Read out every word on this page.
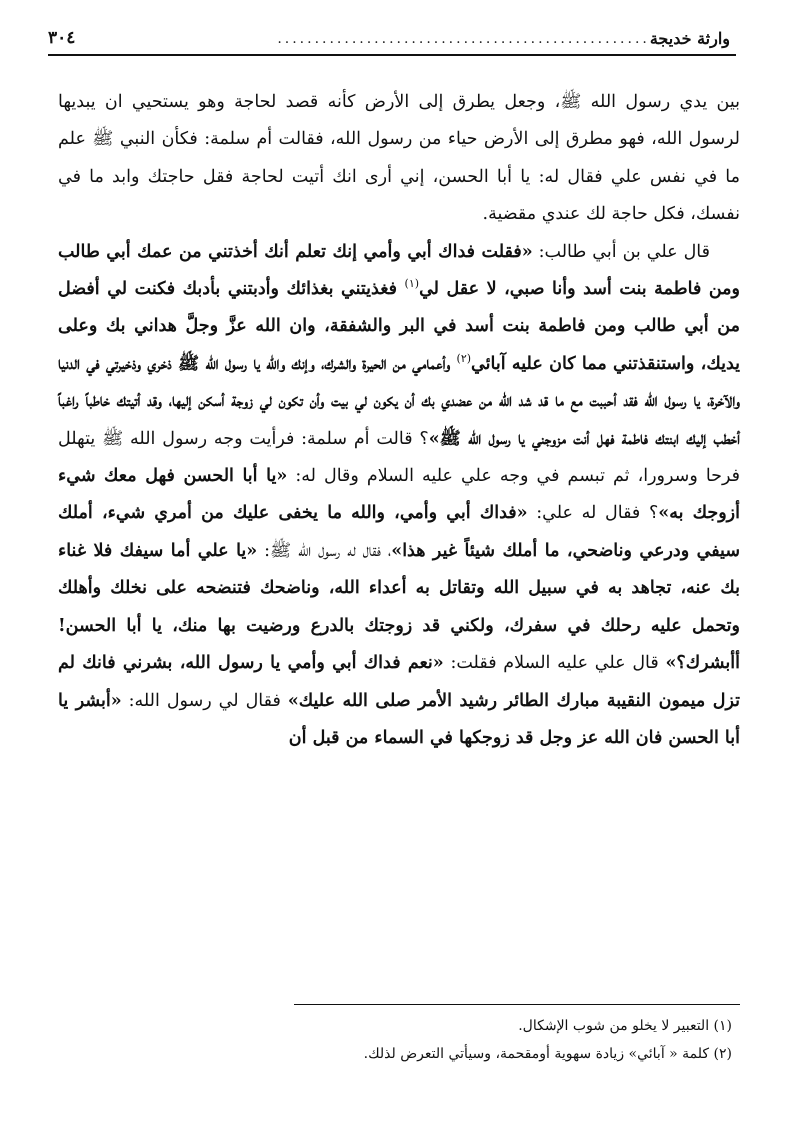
وارثة خديجة
..................................................
٣٠٤

بين يدي رسول الله ﷺ، وجعل يطرق إلى الأرض كأنه قصد لحاجة وهو يستحيي ان يبديها لرسول الله، فهو مطرق إلى الأرض حياء من رسول الله، فقالت أم سلمة: فكأن النبي ﷺ علم ما في نفس علي فقال له: يا أبا الحسن، إني أرى انك أتيت لحاجة فقل حاجتك وابد ما في نفسك، فكل حاجة لك عندي مقضية.

قال علي بن أبي طالب: «فقلت فداك أبي وأمي إنك تعلم أنك أخذتني من عمك أبي طالب ومن فاطمة بنت أسد وأنا صبي، لا عقل لي$^{(١)}$ فغذيتني بغذائك وأدبتني بأدبك فكنت لي أفضل من أبي طالب ومن فاطمة بنت أسد في البر والشفقة، وان الله عزَّ وجلَّ هداني بك وعلى يديك، واستنقذتني مما كان عليه آبائي$^{(٢)}$ وأعمامي من الحيرة والشرك، وإنك والله يا رسول الله ﷺ ذخري وذخيرتي في الدنيا والآخرة، يا رسول الله فقد أحببت مع ما قد شد الله من عضدي بك أن يكون لي بيت وأن تكون لي زوجة أسكن إليها، وقد أتيتك خاطباً راغباً أخطب إليك ابنتك فاطمة فهل أنت مزوجني يا رسول الله ﷺ»؟ قالت أم سلمة: فرأيت وجه رسول الله ﷺ يتهلل فرحا وسرورا، ثم تبسم في وجه علي عليه السلام وقال له: «يا أبا الحسن فهل معك شيء أزوجك به»؟ فقال له علي: «فداك أبي وأمي، والله ما يخفى عليك من أمري شيء، أملك سيفي ودرعي وناضحي، ما أملك شيئاً غير هذا»، فقال له رسول الله ﷺ: «يا علي أما سيفك فلا غناء بك عنه، تجاهد به في سبيل الله وتقاتل به أعداء الله، وناضحك فتنضحه على نخلك وأهلك وتحمل عليه رحلك في سفرك، ولكني قد زوجتك بالدرع ورضيت بها منك، يا أبا الحسن! أأبشرك؟» قال علي عليه السلام فقلت: «نعم فداك أبي وأمي يا رسول الله، بشرني فانك لم تزل ميمون النقيبة مبارك الطائر رشيد الأمر صلى الله عليك» فقال لي رسول الله: «أبشر يا أبا الحسن فان الله عز وجل قد زوجكها في السماء من قبل أن

(١) التعبير لا يخلو من شوب الإشكال.

(٢) كلمة « آبائي» زيادة سهوية أومقحمة، وسيأتي التعرض لذلك.
